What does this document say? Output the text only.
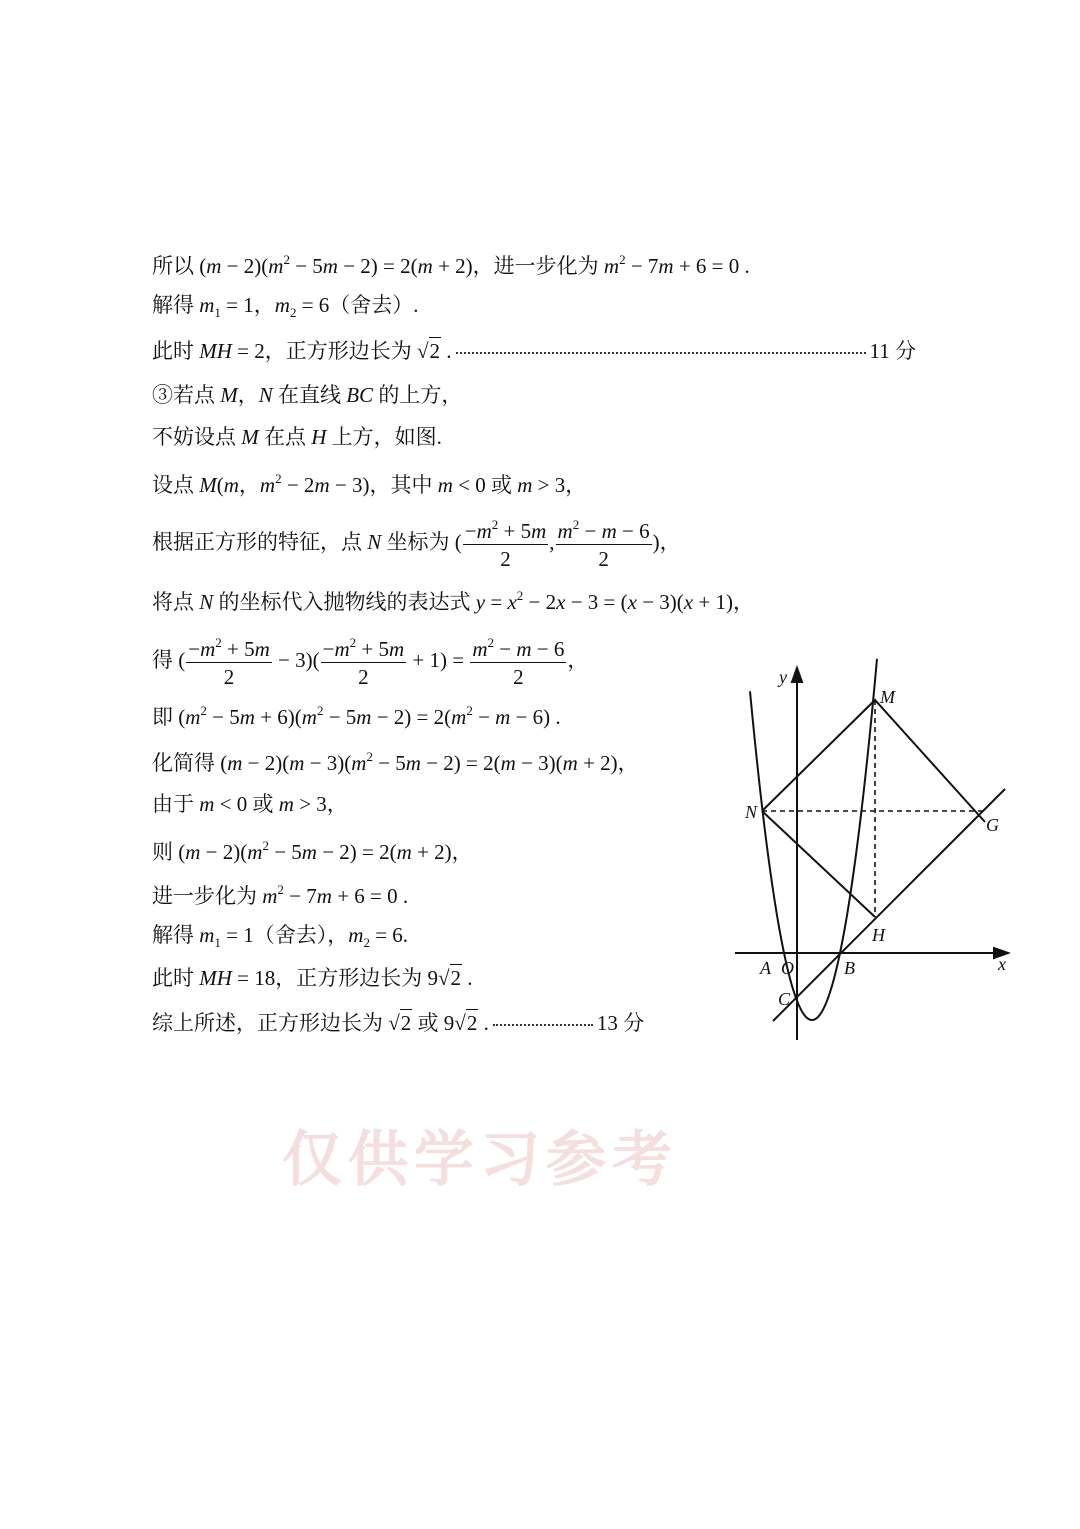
仅供学习参考
所以 $(m - 2)(m^2 - 5m - 2) = 2(m + 2)$，进一步化为 $m^2 - 7m + 6 = 0$ .
解得 $m_1 = 1$，$m_2 = 6$（舍去）.
此时 MH = 2，正方形边长为 √2 .	11 分
③若点 M，N 在直线 BC 的上方，
不妨设点 M 在点 H 上方，如图.
设点 M(m，$m^2 - 2m - 3$)，其中 m < 0 或 m > 3，
根据正方形的特征，点 N 坐标为 ( $\frac{-m^2 + 5m}{2}$ , $\frac{m^2 - m - 6}{2}$ )，
将点 N 的坐标代入抛物线的表达式 $y = x^2 - 2x - 3 = (x - 3)(x + 1)$，
得 ( $\frac{-m^2 + 5m}{2} - 3)( \frac{-m^2 + 5m}{2} + 1) = \frac{m^2 - m - 6}{2}$ ，
即 $(m^2 - 5m + 6)(m^2 - 5m - 2) = 2(m^2 - m - 6)$ .
化简得 $(m - 2)(m - 3)(m^2 - 5m - 2) = 2(m - 3)(m + 2)$，
由于 m < 0 或 m > 3，
则 $(m - 2)(m^2 - 5m - 2) = 2(m + 2)$，
进一步化为 $m^2 - 7m + 6 = 0$ .
解得 $m_1 = 1$（舍去），$m_2 = 6$.
此时 MH = 18，正方形边长为 9√2 .
综上所述，正方形边长为 √2 或 9√2 .	13 分
y
x
M
N
G
H
A O	B
C
